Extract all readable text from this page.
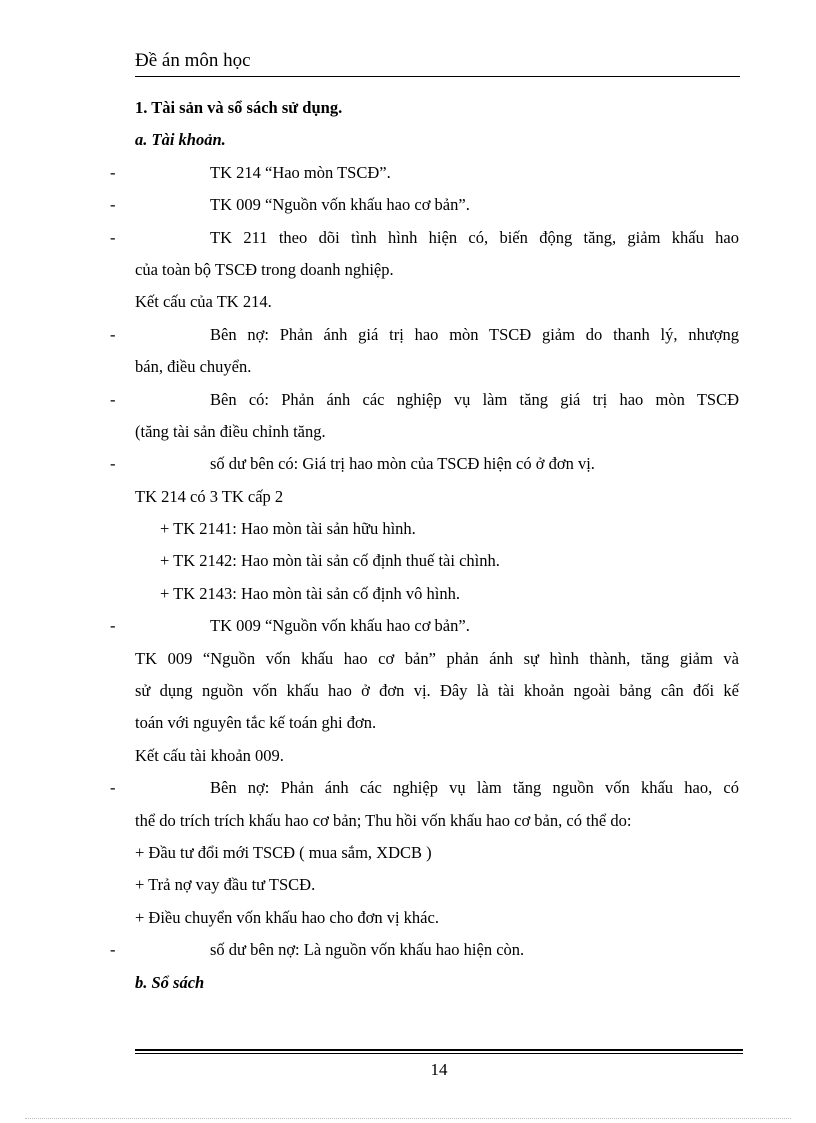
Đề án môn học
1. Tài sản và sổ sách sử dụng.
a. Tài khoản.
-	TK 214 “Hao mòn TSCĐ”.
-	TK 009 “Nguồn vốn khấu hao cơ bản”.
-	TK 211 theo dõi tình hình hiện có, biến động tăng, giảm khấu hao
của toàn bộ TSCĐ trong doanh nghiệp.
Kết cấu của TK 214.
-	Bên nợ: Phản ánh giá trị hao mòn TSCĐ giảm do thanh lý, nhượng
bán, điều chuyển.
-	Bên có: Phản ánh các nghiệp vụ làm tăng giá trị hao mòn TSCĐ
(tăng tài sản điều chỉnh tăng.
-	số dư bên có: Giá trị hao mòn của TSCĐ hiện có ở đơn vị.
TK 214 có 3 TK cấp 2
+ TK 2141: Hao mòn tài sản hữu hình.
+ TK 2142: Hao mòn tài sản cố định thuế tài chình.
+ TK 2143: Hao mòn tài sản cố định vô hình.
-	TK 009 “Nguồn vốn khấu hao cơ bản”.
TK 009 “Nguồn vốn khấu hao cơ bản” phản ánh sự hình thành, tăng giảm và
sử dụng nguồn vốn khấu hao ở đơn vị. Đây là tài khoản ngoài bảng cân đối kế
toán với nguyên tắc kế toán ghi đơn.
Kết cấu tài khoản 009.
-	Bên nợ: Phản ánh các nghiệp vụ làm tăng nguồn vốn khấu hao, có
thể do trích trích khấu hao cơ bản; Thu hồi vốn khấu hao cơ bản, có thể do:
+ Đầu tư đổi mới TSCĐ ( mua sắm, XDCB )
+ Trả nợ vay đầu tư TSCĐ.
+ Điều chuyển vốn khấu hao cho đơn vị khác.
-	số dư bên nợ: Là nguồn vốn khấu hao hiện còn.
b. Sổ sách
14
